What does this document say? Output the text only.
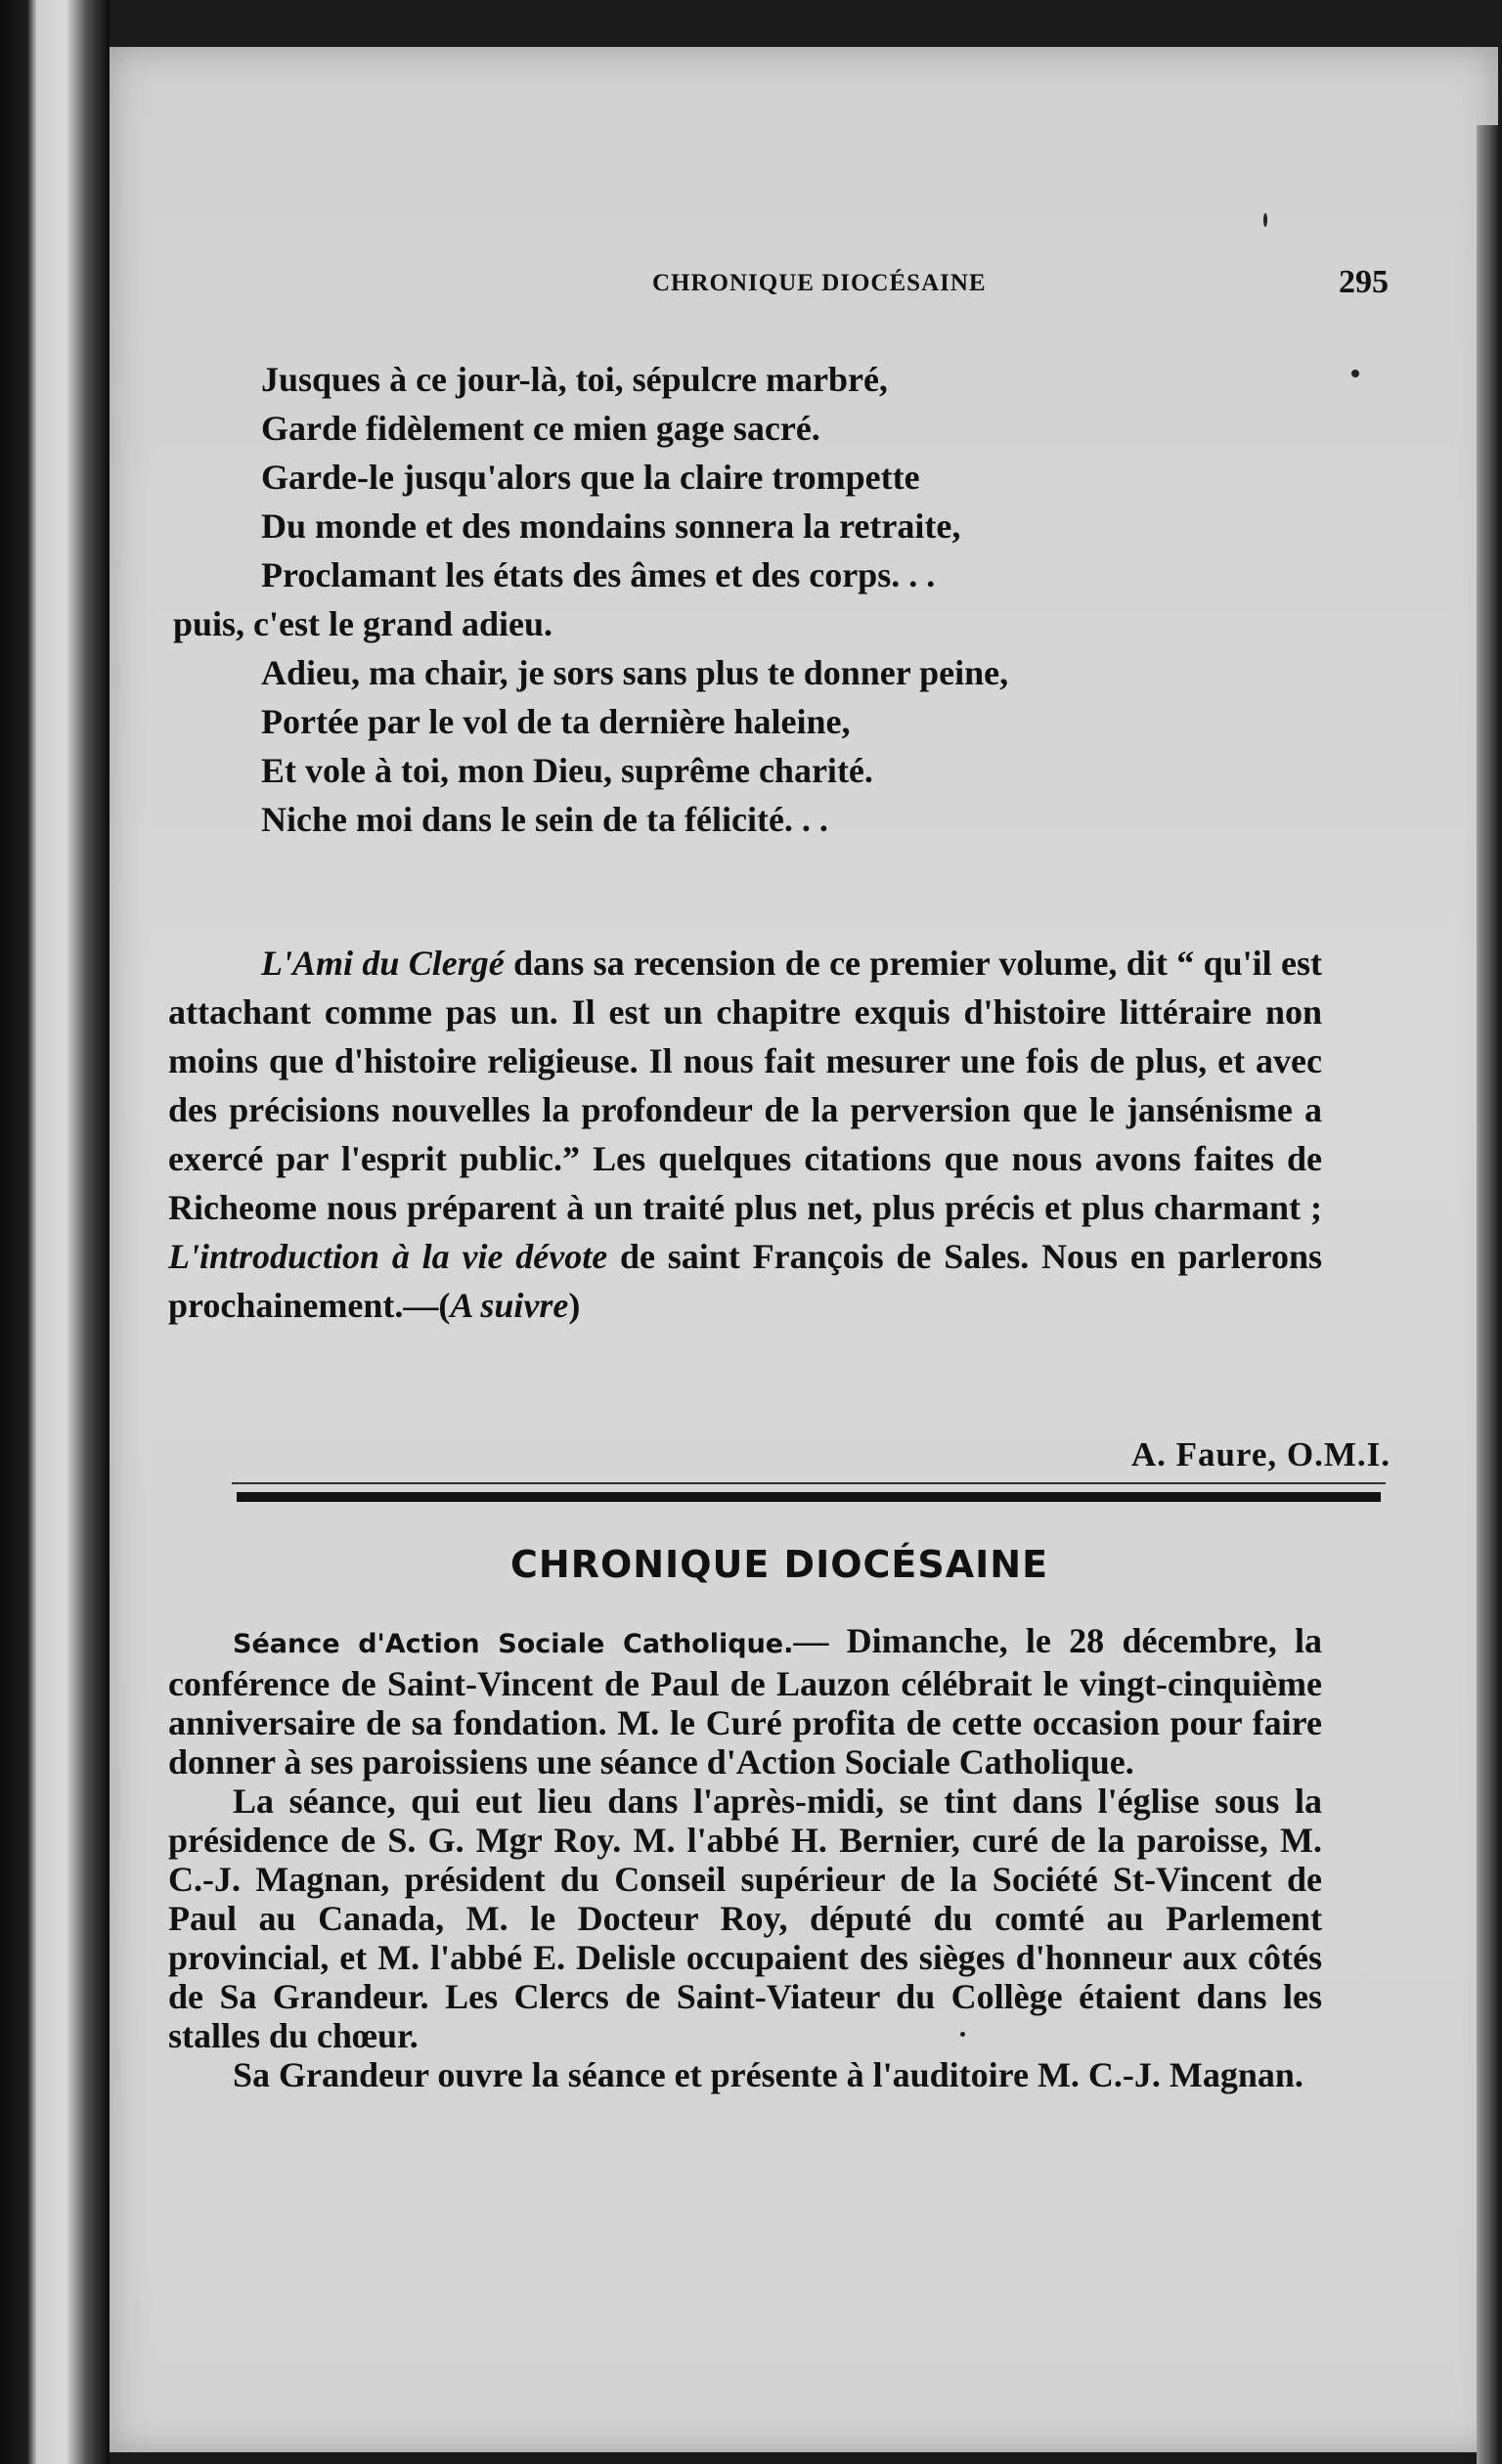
CHRONIQUE DIOCÉSAINE	295
Jusques à ce jour-là, toi, sépulcre marbré,
Garde fidèlement ce mien gage sacré.
Garde-le jusqu'alors que la claire trompette
Du monde et des mondains sonnera la retraite,
Proclamant les états des âmes et des corps. . .
puis, c'est le grand adieu.
Adieu, ma chair, je sors sans plus te donner peine,
Portée par le vol de ta dernière haleine,
Et vole à toi, mon Dieu, suprême charité.
Niche moi dans le sein de ta félicité. . .
L'Ami du Clergé dans sa recension de ce premier volume, dit “ qu'il est attachant comme pas un. Il est un chapitre exquis d'histoire littéraire non moins que d'histoire religieuse. Il nous fait mesurer une fois de plus, et avec des précisions nouvelles la profondeur de la perversion que le jansénisme a exercé par l'esprit public.” Les quelques citations que nous avons faites de Richeome nous préparent à un traité plus net, plus précis et plus charmant ; L'introduction à la vie dévote de saint François de Sales. Nous en parlerons prochainement.—(A suivre)
A. Faure, O.M.I.
CHRONIQUE DIOCÉSAINE

Séance d'Action Sociale Catholique.— Dimanche, le 28 décembre, la conférence de Saint-Vincent de Paul de Lauzon célébrait le vingt-cinquième anniversaire de sa fondation. M. le Curé profita de cette occasion pour faire donner à ses paroissiens une séance d'Action Sociale Catholique.

La séance, qui eut lieu dans l'après-midi, se tint dans l'église sous la présidence de S. G. Mgr Roy. M. l'abbé H. Bernier, curé de la paroisse, M. C.-J. Magnan, président du Conseil supérieur de la Société St-Vincent de Paul au Canada, M. le Docteur Roy, député du comté au Parlement provincial, et M. l'abbé E. Delisle occupaient des sièges d'honneur aux côtés de Sa Grandeur. Les Clercs de Saint-Viateur du Collège étaient dans les stalles du chœur.

Sa Grandeur ouvre la séance et présente à l'auditoire M. C.-J. Magnan.
